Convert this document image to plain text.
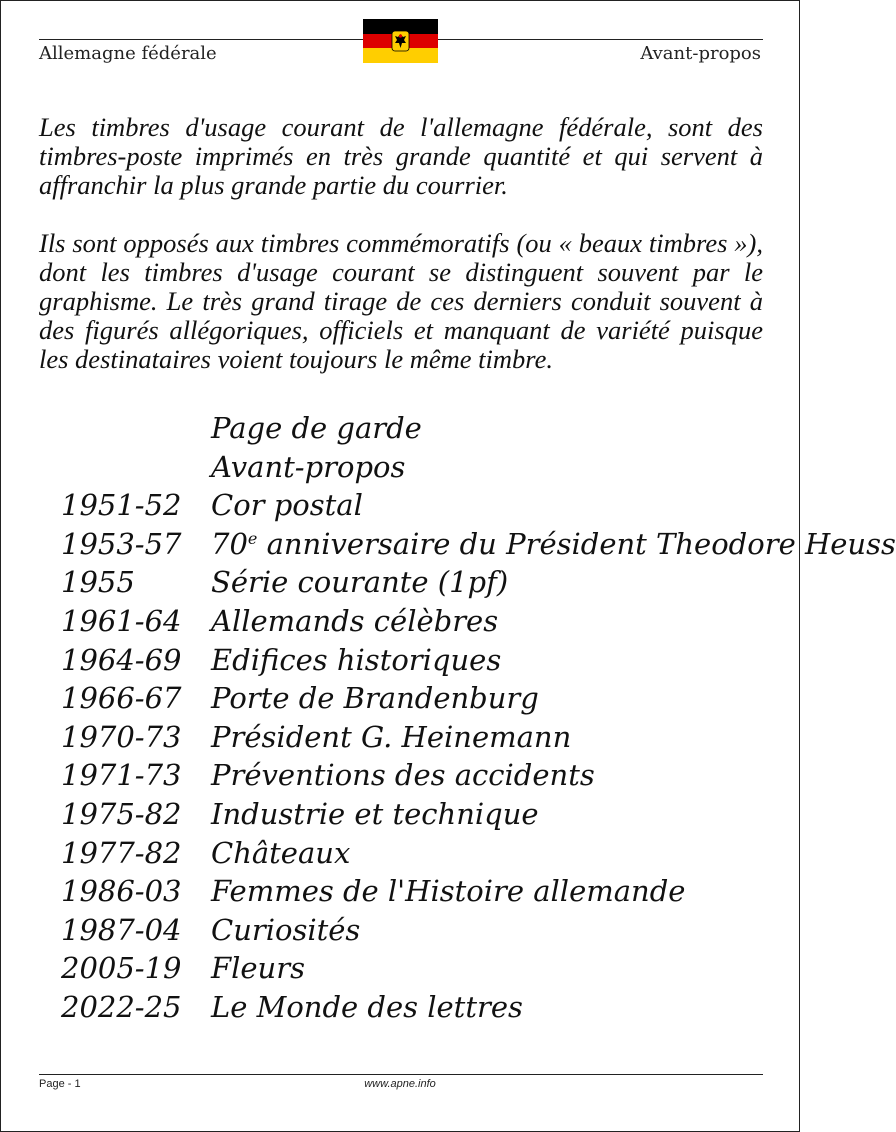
Allemagne fédérale	Avant-propos

Les timbres d'usage courant de l'allemagne fédérale, sont des timbres-poste imprimés en très grande quantité et qui servent à affranchir la plus grande partie du courrier.

Ils sont opposés aux timbres commémoratifs (ou « beaux timbres »), dont les timbres d'usage courant se distinguent souvent par le graphisme. Le très grand tirage de ces derniers conduit souvent à des figurés allégoriques, officiels et manquant de variété puisque les destinataires voient toujours le même timbre.

Page de garde
Avant-propos
1951-52 Cor postal
1953-57 70e anniversaire du Président Theodore Heuss
1955	Série courante (1pf)
1961-64 Allemands célèbres
1964-69 Edifices historiques
1966-67 Porte de Brandenburg
1970-73 Président G. Heinemann
1971-73 Préventions des accidents
1975-82 Industrie et technique
1977-82 Châteaux
1986-03 Femmes de l'Histoire allemande
1987-04 Curiosités
2005-19 Fleurs
2022-25 Le Monde des lettres
Page - 1	www.apne.info
